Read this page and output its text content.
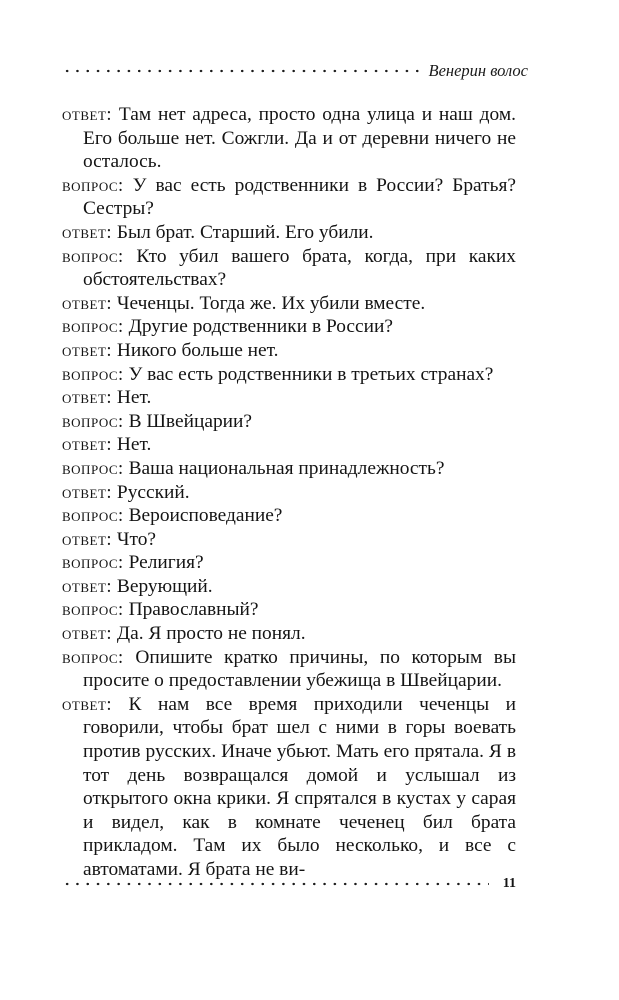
Венерин волос

ответ: Там нет адреса, просто одна улица и наш дом. Его больше нет. Сожгли. Да и от деревни ничего не осталось.

вопрос: У вас есть родственники в России? Братья? Сестры?

ответ: Был брат. Старший. Его убили.

вопрос: Кто убил вашего брата, когда, при каких обстоятельствах?

ответ: Чеченцы. Тогда же. Их убили вместе.

вопрос: Другие родственники в России?

ответ: Никого больше нет.

вопрос: У вас есть родственники в третьих странах?

ответ: Нет.

вопрос: В Швейцарии?

ответ: Нет.

вопрос: Ваша национальная принадлежность?

ответ: Русский.

вопрос: Вероисповедание?

ответ: Что?

вопрос: Религия?

ответ: Верующий.

вопрос: Православный?

ответ: Да. Я просто не понял.

вопрос: Опишите кратко причины, по которым вы просите о предоставлении убежища в Швейцарии.

ответ: К нам все время приходили чеченцы и говорили, чтобы брат шел с ними в горы воевать против русских. Иначе убьют. Мать его прятала. Я в тот день возвращался домой и услышал из открытого окна крики. Я спрятался в кустах у сарая и видел, как в комнате чеченец бил брата прикладом. Там их было несколько, и все с автоматами. Я брата не ви-

11
